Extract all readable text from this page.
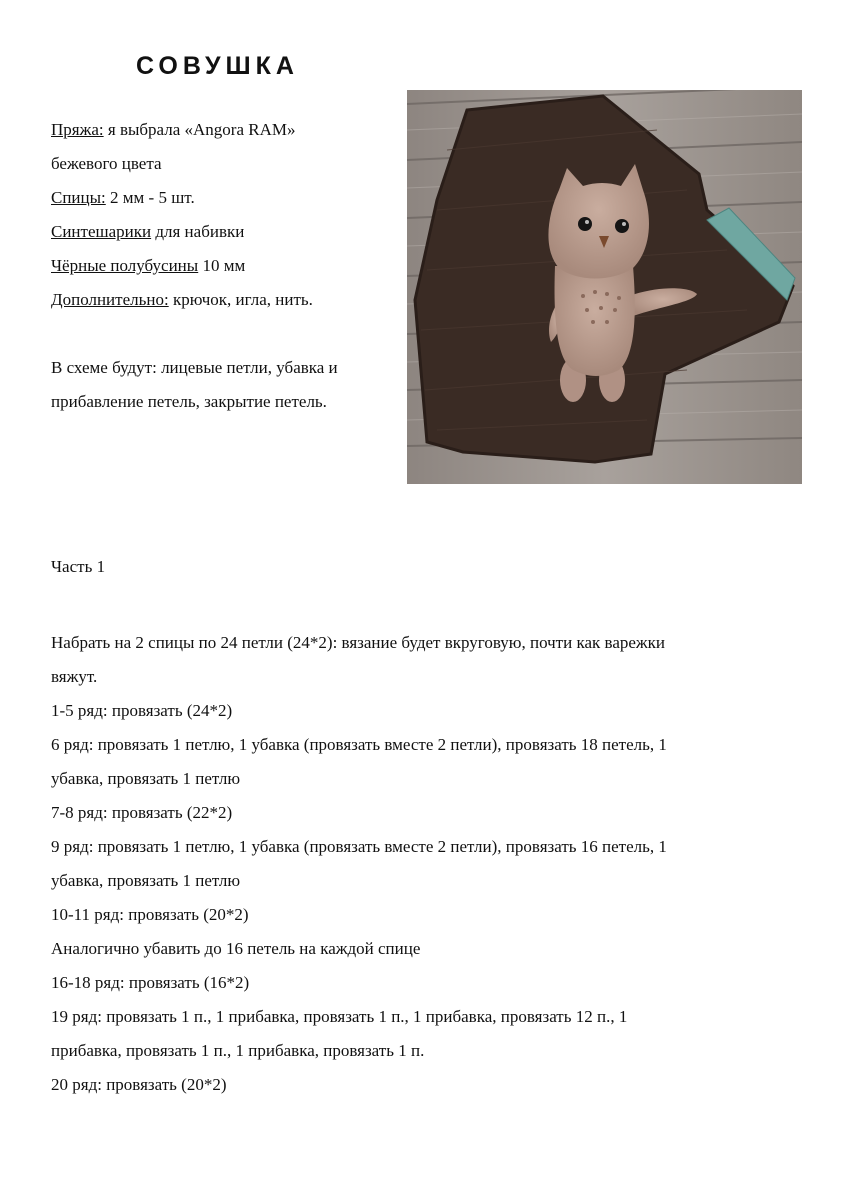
СОВУШКА
Пряжа: я выбрала «Angora RAM»
бежевого цвета
Спицы: 2 мм - 5 шт.
Синтешарики для набивки
Чёрные полубусины 10 мм
Дополнительно: крючок, игла, нить.
В схеме будут: лицевые петли, убавка и
прибавление петель, закрытие петель.
Часть 1
Набрать на 2 спицы по 24 петли (24*2): вязание будет вкруговую, почти как варежки
вяжут.
1-5 ряд: провязать (24*2)
6 ряд: провязать 1 петлю, 1 убавка (провязать вместе 2 петли), провязать 18 петель, 1
убавка, провязать 1 петлю
7-8 ряд: провязать (22*2)
9 ряд: провязать 1 петлю, 1 убавка (провязать вместе 2 петли), провязать 16 петель, 1
убавка, провязать 1 петлю
10-11 ряд: провязать (20*2)
Аналогично убавить до 16 петель на каждой спице
16-18 ряд: провязать (16*2)
19 ряд: провязать 1 п., 1 прибавка, провязать 1 п., 1 прибавка, провязать 12 п., 1
прибавка, провязать 1 п., 1 прибавка, провязать 1 п.
20 ряд: провязать (20*2)
